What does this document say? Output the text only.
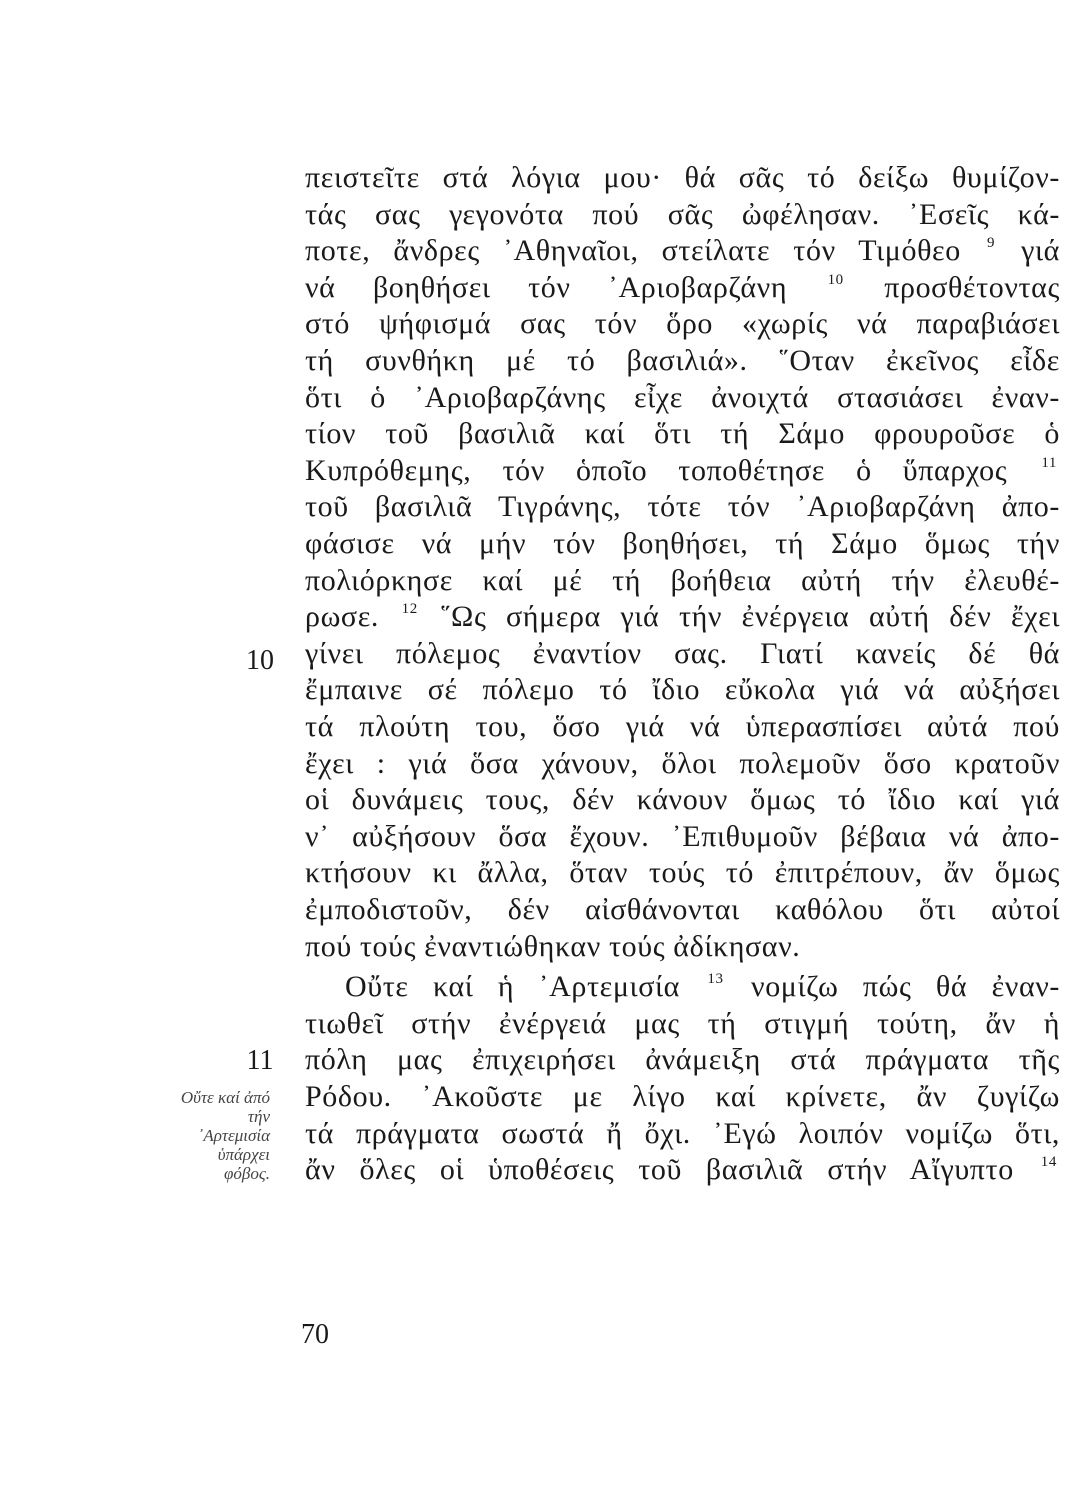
πειστεῖτε στά λόγια μου· θά σᾶς τό δείξω θυμίζον-
τάς σας γεγονότα πού σᾶς ὠφέλησαν. ᾿Εσεῖς κά-
ποτε, ἄνδρες ᾿Αθηναῖοι, στείλατε τόν Τιμόθεο $^9$ γιά
νά βοηθήσει τόν ᾿Αριοβαρζάνη	$^{10}$ προσθέτοντας
στό ψήφισμά σας τόν ὅρο «χωρίς νά παραβιάσει
τή συνθήκη μέ τό βασιλιά». ῞Οταν ἐκεῖνος εἶδε
ὅτι ὁ ᾿Αριοβαρζάνης εἶχε ἀνοιχτά στασιάσει ἐναν-
τίον τοῦ βασιλιᾶ καί ὅτι τή Σάμο φρουροῦσε ὁ
Κυπρόθεμης, τόν ὁποῖο τοποθέτησε ὁ ὕπαρχος $^{11}$
τοῦ βασιλιᾶ Τιγράνης, τότε τόν ᾿Αριοβαρζάνη ἀπο-
φάσισε νά μήν τόν βοηθήσει, τή Σάμο ὅμως τήν
πολιόρκησε καί μέ τή βοήθεια αὐτή τήν ἐλευθέ-
ρωσε. $^{12}$ ῞Ως σήμερα γιά τήν ἐνέργεια αὐτή δέν ἔχει
γίνει πόλεμος ἐναντίον σας. Γιατί κανείς δέ θά
ἔμπαινε σέ πόλεμο τό ἴδιο εὔκολα γιά νά αὐξήσει
τά πλούτη του, ὅσο γιά νά ὑπερασπίσει αὐτά πού
ἔχει : γιά ὅσα χάνουν, ὅλοι πολεμοῦν ὅσο κρατοῦν
οἱ δυνάμεις τους, δέν κάνουν ὅμως τό ἴδιο καί γιά
ν᾿ αὐξήσουν ὅσα ἔχουν. ᾿Επιθυμοῦν βέβαια νά ἀπο-
κτήσουν κι ἄλλα, ὅταν τούς τό ἐπιτρέπουν, ἄν ὅμως
ἐμποδιστοῦν, δέν αἰσθάνονται καθόλου ὅτι αὐτοί
πού τούς ἐναντιώθηκαν τούς ἀδίκησαν.
Οὔτε καί ἡ ᾿Αρτεμισία $^{13}$ νομίζω πώς θά ἐναν-
τιωθεῖ στήν ἐνέργειά μας τή στιγμή τούτη, ἄν ἡ
πόλη μας ἐπιχειρήσει ἀνάμειξη στά πράγματα τῆς
Ρόδου. ᾿Ακοῦστε με λίγο καί κρίνετε, ἄν ζυγίζω
τά πράγματα σωστά ἤ ὄχι. ᾿Εγώ λοιπόν νομίζω ὅτι,
ἄν ὅλες οἱ ὑποθέσεις τοῦ βασιλιᾶ στήν Αἴγυπτο $^{14}$
10
11
Οὔτε καί ἀπό
τήν
᾿Αρτεμισία
ὑπάρχει
φόβος.
70
